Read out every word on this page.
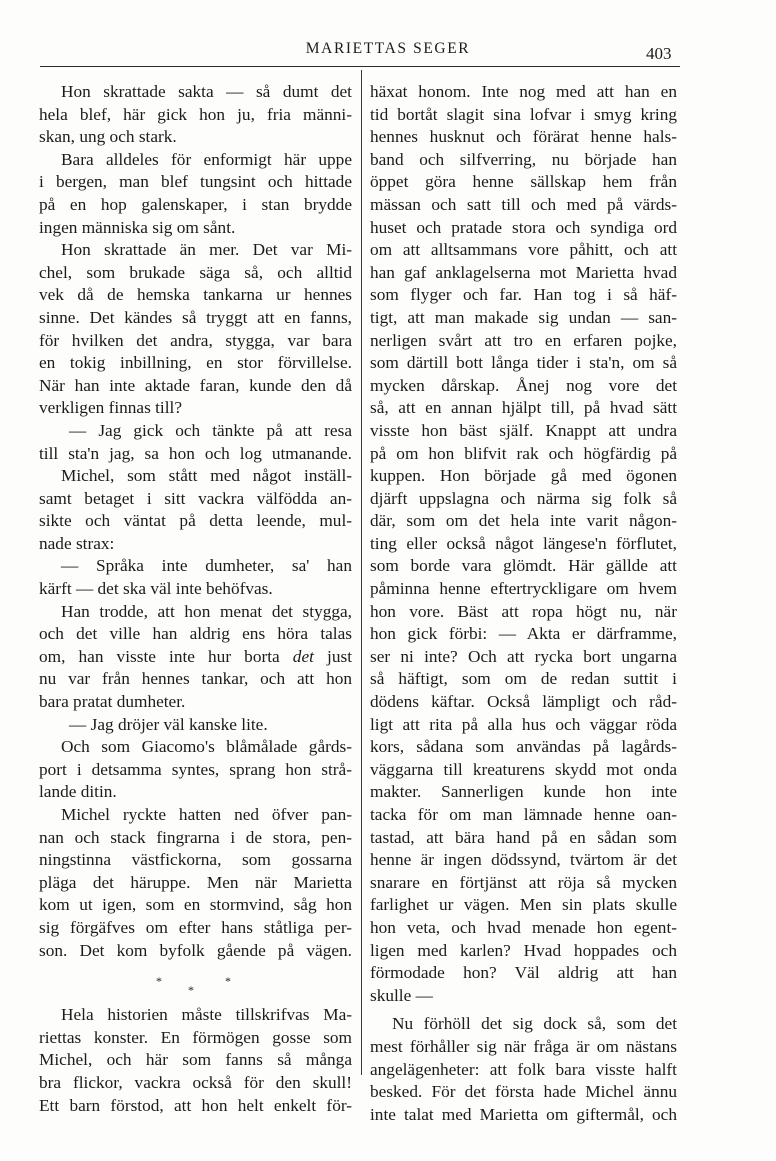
MARIETTAS SEGER	403
Hon skrattade sakta — så dumt det
hela blef, här gick hon ju, fria männi-
skan, ung och stark.
Bara alldeles för enformigt här uppe
i bergen, man blef tungsint och hittade
på en hop galenskaper, i stan brydde
ingen människa sig om sånt.
Hon skrattade än mer. Det var Mi-
chel, som brukade säga så, och alltid
vek då de hemska tankarna ur hennes
sinne. Det kändes så tryggt att en fanns,
för hvilken det andra, stygga, var bara
en tokig inbillning, en stor förvillelse.
När han inte aktade faran, kunde den då
verkligen finnas till?
— Jag gick och tänkte på att resa
till sta'n jag, sa hon och log utmanande.
Michel, som stått med något inställ-
samt betaget i sitt vackra välfödda an-
sikte och väntat på detta leende, mul-
nade strax:
— Språka inte dumheter, sa' han
kärft — det ska väl inte behöfvas.
Han trodde, att hon menat det stygga,
och det ville han aldrig ens höra talas
om, han visste inte hur borta det just
nu var från hennes tankar, och att hon
bara pratat dumheter.
— Jag dröjer väl kanske lite.
Och som Giacomo's blåmålade gårds-
port i detsamma syntes, sprang hon strå-
lande ditin.
Michel ryckte hatten ned öfver pan-
nan och stack fingrarna i de stora, pen-
ningstinna västfickorna, som gossarna
pläga det häruppe. Men när Marietta
kom ut igen, som en stormvind, såg hon
sig förgäfves om efter hans ståtliga per-
son. Det kom byfolk gående på vägen.
*
*
*
Hela historien måste tillskrifvas Ma-
riettas konster. En förmögen gosse som
Michel, och här som fanns så många
bra flickor, vackra också för den skull!
Ett barn förstod, att hon helt enkelt för-
häxat honom. Inte nog med att han en
tid bortåt slagit sina lofvar i smyg kring
hennes husknut och förärat henne hals-
band och silfverring, nu började han
öppet göra henne sällskap hem från
mässan och satt till och med på värds-
huset och pratade stora och syndiga ord
om att alltsammans vore påhitt, och att
han gaf anklagelserna mot Marietta hvad
som flyger och far. Han tog i så häf-
tigt, att man makade sig undan — san-
nerligen svårt att tro en erfaren pojke,
som därtill bott långa tider i sta'n, om så
mycken dårskap. Ånej nog vore det
så, att en annan hjälpt till, på hvad sätt
visste hon bäst själf. Knappt att undra
på om hon blifvit rak och högfärdig på
kuppen. Hon började gå med ögonen
djärft uppslagna och närma sig folk så
där, som om det hela inte varit någon-
ting eller också något längese'n förflutet,
som borde vara glömdt. Här gällde att
påminna henne eftertryckligare om hvem
hon vore. Bäst att ropa högt nu, när
hon gick förbi: — Akta er därframme,
ser ni inte? Och att rycka bort ungarna
så häftigt, som om de redan suttit i
dödens käftar. Också lämpligt och råd-
ligt att rita på alla hus och väggar röda
kors, sådana som användas på lagårds-
väggarna till kreaturens skydd mot onda
makter. Sannerligen kunde hon inte
tacka för om man lämnade henne oan-
tastad, att bära hand på en sådan som
henne är ingen dödssynd, tvärtom är det
snarare en förtjänst att röja så mycken
farlighet ur vägen. Men sin plats skulle
hon veta, och hvad menade hon egent-
ligen med karlen? Hvad hoppades och
förmodade hon? Väl aldrig att han
skulle —
Nu förhöll det sig dock så, som det
mest förhåller sig när fråga är om nästans
angelägenheter: att folk bara visste halft
besked. För det första hade Michel ännu
inte talat med Marietta om giftermål, och
